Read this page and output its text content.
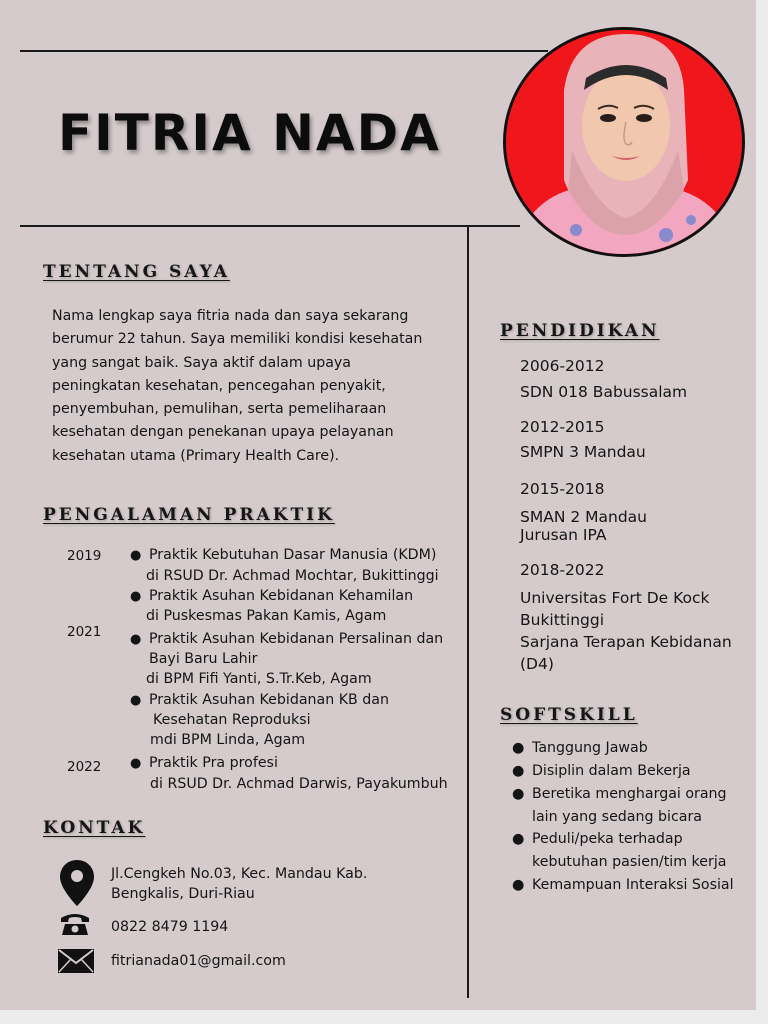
FITRIA NADA
TENTANG SAYA
Nama lengkap saya fitria nada dan saya sekarang
berumur 22 tahun. Saya memiliki kondisi kesehatan
yang sangat baik. Saya aktif dalam upaya
peningkatan kesehatan, pencegahan penyakit,
penyembuhan, pemulihan, serta pemeliharaan
kesehatan dengan penekanan upaya pelayanan
kesehatan utama (Primary Health Care).
PENGALAMAN PRAKTIK
2019
2021
2022
●
●
●
●
●
Praktik Kebutuhan Dasar Manusia (KDM)
di RSUD Dr. Achmad Mochtar, Bukittinggi
Praktik Asuhan Kebidanan Kehamilan
di Puskesmas Pakan Kamis, Agam
Praktik Asuhan Kebidanan Persalinan dan
Bayi Baru Lahir
di BPM Fifi Yanti, S.Tr.Keb, Agam
Praktik Asuhan Kebidanan KB dan
Kesehatan Reproduksi
mdi BPM Linda, Agam
Praktik Pra profesi
di RSUD Dr. Achmad Darwis, Payakumbuh
KONTAK
Jl.Cengkeh No.03, Kec. Mandau Kab.
Bengkalis, Duri-Riau
0822 8479 1194
fitrianada01@gmail.com
PENDIDIKAN
2006-2012
SDN 018 Babussalam
2012-2015
SMPN 3 Mandau
2015-2018
SMAN 2 Mandau
Jurusan IPA
2018-2022
Universitas Fort De Kock
Bukittinggi
Sarjana Terapan Kebidanan
(D4)
SOFTSKILL
● Tanggung Jawab
● Disiplin dalam Bekerja
● Beretika menghargai orang
lain yang sedang bicara
● Peduli/peka terhadap
kebutuhan pasien/tim kerja
● Kemampuan Interaksi Sosial
